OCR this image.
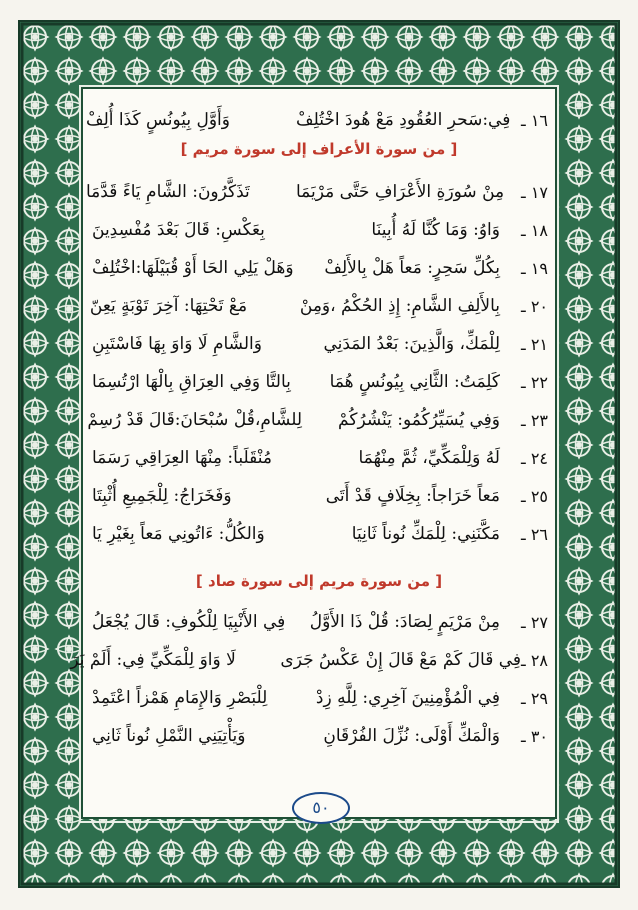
١٦ ـ
فِي:سَحرِ العُقُودِ مَعْ هُودَ اخْتُلِفْ
وَأَوَّلِ بِيُونُسٍ كَذَا أُلِفْ
[ من سورة الأعراف إلى سورة مريم ]
١٧ ـ
مِنْ سُورَةِ الأَعْرَافِ حَتَّى مَرْيَمَا
تَذَكَّرُونَ: الشَّامِ يَاءً قَدَّمَا
١٨ ـ
وَاوُ: وَمَا كُنَّا لَهُ أُبِينَا
بِعَكْسِ: قَالَ بَعْدَ مُفْسِدِينَ
١٩ ـ
بِكُلِّ سَحِرٍ: مَعاً هَلْ بِالأَلِفْ
وَهَلْ يَلِي الحَا أَوْ قُبَيْلَهَا:اخْتُلِفْ
٢٠ ـ
بِالأَلِفِ الشَّامِ: إِذِ الحُكْمُ ،وَمِنْ
مَعْ تَحْتِهَا: آخِرَ تَوْبَةٍ يَعِنّ
٢١ ـ
لِلْمَكِّ، وَالَّذِينَ: بَعْدُ المَدَنِي
وَالشَّامِ لَا وَاوَ بِهَا فَاسْتَبِنِ
٢٢ ـ
كَلِمَتُ: الثَّانِي بِيُونُسٍ هُمَا
بِالتَّا وَفِي العِرَاقِ بِالْهَا ارْتُسِمَا
٢٣ ـ
وَفِي يُسَيِّرُكُمُو: يَنْشُرُكُمْ
لِلشَّامِ،قُلْ سُبْحَانَ:قَالَ قَدْ رُسِمْ
٢٤ ـ
لَهُ وَلِلْمَكِّيِّ، ثُمَّ مِنْهُمَا
مُنْقَلَباً: مِنْهَا العِرَاقِي رَسَمَا
٢٥ ـ
مَعاً خَرَاجاً: بِخِلَافٍ قَدْ أَتَى
وَفَخَرَاجُ: لِلْجَمِيعِ أُثْبِتَا
٢٦ ـ
مَكَّنَنِي: لِلْمَكِّ نُوناً ثَانِيَا
وَالكُلُّ: ءَاتُونِي مَعاً بِغَيْرِ يَا
[ من سورة مريم إلى سورة صاد ]
٢٧ ـ
مِنْ مَرْيَمٍ لِصَادَ: قُلْ ذَا الأَوَّلُ
فِي الأَنْبِيَا لِلْكُوفِ: قَالَ يُجْعَلُ
٢٨ ـ
فِي قَالَ كَمْ مَعْ قَالَ إِنْ عَكْسُ جَرَى
لَا وَاوَ لِلْمَكِّيِّ فِي: أَلَمْ يَرَ
٢٩ ـ
فِي الْمُؤْمِنِينَ آخِرِي: لِلَّهِ زِدْ
لِلْبَصْرِ وَالإِمَامِ هَمْزاً اعْتَمِدْ
٣٠ ـ
وَالْمَكِّ أَوْلَى: نُزِّلَ الفُرْقَانِ
وَيَأْتِيَنِي النَّمْلِ نُوناً ثَانِي
٥٠
